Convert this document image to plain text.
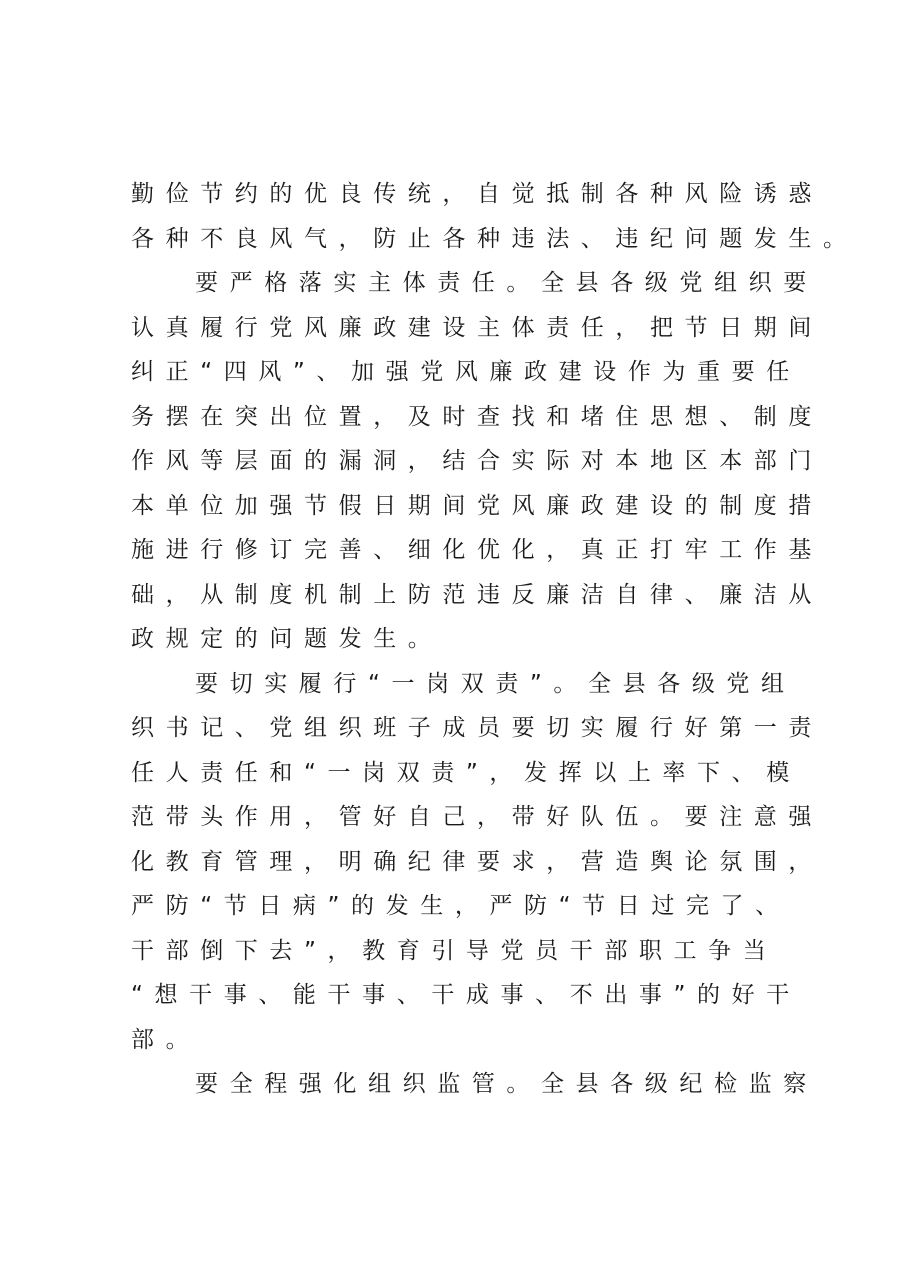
勤俭节约的优良传统，自觉抵制各种风险诱惑
各种不良风气，防止各种违法、违纪问题发生。
要严格落实主体责任。全县各级党组织要
认真履行党风廉政建设主体责任，把节日期间
纠正“四风”、加强党风廉政建设作为重要任
务摆在突出位置，及时查找和堵住思想、制度
作风等层面的漏洞，结合实际对本地区本部门
本单位加强节假日期间党风廉政建设的制度措
施进行修订完善、细化优化，真正打牢工作基
础，从制度机制上防范违反廉洁自律、廉洁从
政规定的问题发生。
要切实履行“一岗双责”。全县各级党组
织书记、党组织班子成员要切实履行好第一责
任人责任和“一岗双责”，发挥以上率下、模
范带头作用，管好自己，带好队伍。要注意强
化教育管理，明确纪律要求，营造舆论氛围，
严防“节日病”的发生，严防“节日过完了、
干部倒下去”，教育引导党员干部职工争当
“想干事、能干事、干成事、不出事”的好干
部。
要全程强化组织监管。全县各级纪检监察
